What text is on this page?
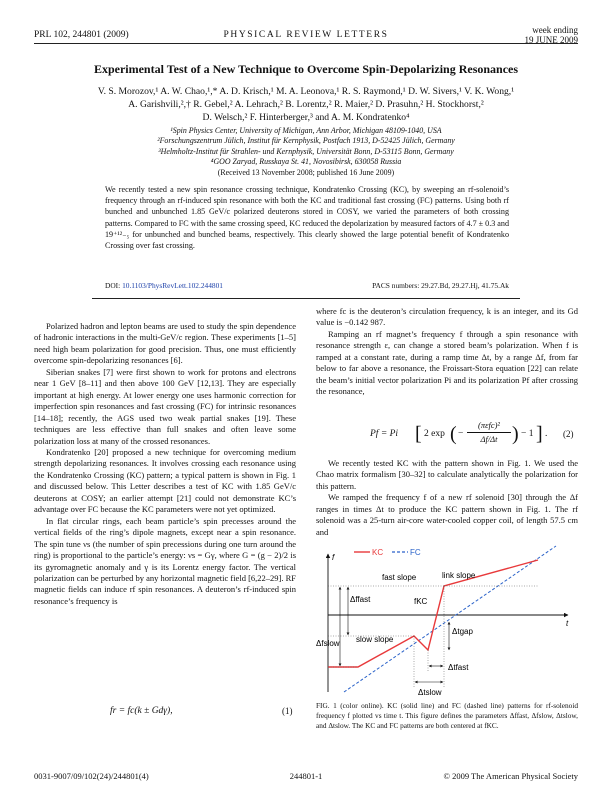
PRL 102, 244801 (2009)	PHYSICAL REVIEW LETTERS	week ending
19 JUNE 2009
Experimental Test of a New Technique to Overcome Spin-Depolarizing Resonances
V. S. Morozov,¹ A. W. Chao,¹,* A. D. Krisch,¹ M. A. Leonova,¹ R. S. Raymond,¹ D. W. Sivers,¹ V. K. Wong,¹
A. Garishvili,²,† R. Gebel,² A. Lehrach,² B. Lorentz,² R. Maier,² D. Prasuhn,² H. Stockhorst,²
D. Welsch,² F. Hinterberger,³ and A. M. Kondratenko⁴
¹Spin Physics Center, University of Michigan, Ann Arbor, Michigan 48109-1040, USA
²Forschungszentrum Jülich, Institut für Kernphysik, Postfach 1913, D-52425 Jülich, Germany
³Helmholtz-Institut für Strahlen- und Kernphysik, Universität Bonn, D-53115 Bonn, Germany
⁴GOO Zaryad, Russkaya St. 41, Novosibirsk, 630058 Russia
(Received 13 November 2008; published 16 June 2009)
We recently tested a new spin resonance crossing technique, Kondratenko Crossing (KC), by sweeping an rf-solenoid’s frequency through an rf-induced spin resonance with both the KC and traditional fast crossing (FC) patterns. Using both rf bunched and unbunched 1.85 GeV/c polarized deuterons stored in COSY, we varied the parameters of both crossing patterns. Compared to FC with the same crossing speed, KC reduced the depolarization by measured factors of 4.7 ± 0.3 and 19⁺¹²₋₅ for unbunched and bunched beams, respectively. This clearly showed the large potential benefit of Kondratenko Crossing over fast crossing.
DOI: 10.1103/PhysRevLett.102.244801	PACS numbers: 29.27.Bd, 29.27.Hj, 41.75.Ak

Polarized hadron and lepton beams are used to study the spin dependence of hadronic interactions in the multi-GeV/c region. These experiments [1–5] need high beam polarization for good precision. Thus, one must efficiently overcome spin-depolarizing resonances [6].

Siberian snakes [7] were first shown to work for protons and electrons near 1 GeV [8–11] and then above 100 GeV [12,13]. They are especially important at high energy. At lower energy one uses harmonic correction for imperfection spin resonances and fast crossing (FC) for intrinsic resonances [14–18]; recently, the AGS used two weak partial snakes [19]. These techniques are less effective than full snakes and often leave some polarization loss at many of the crossed resonances.

Kondratenko [20] proposed a new technique for overcoming medium strength depolarizing resonances. It involves crossing each resonance using the Kondratenko Crossing (KC) pattern; a typical pattern is shown in Fig. 1 and discussed below. This Letter describes a test of KC with 1.85 GeV/c deuterons at COSY; an earlier attempt [21] could not demonstrate KC’s advantage over FC because the KC parameters were not yet optimized.

In flat circular rings, each beam particle’s spin precesses around the vertical fields of the ring’s dipole magnets, except near a spin resonance. The spin tune νs (the number of spin precessions during one turn around the ring) is proportional to the particle’s energy: νs = Gγ, where G = (g − 2)/2 is its gyromagnetic anomaly and γ is its Lorentz energy factor. The vertical polarization can be perturbed by any horizontal magnetic field [6,22–29]. RF magnetic fields can induce rf spin resonances. A deuteron’s rf-induced spin resonance’s frequency is

fr = fc(k ± Gdγ),	(1)

where fc is the deuteron’s circulation frequency, k is an integer, and its Gd value is −0.142 987.

Ramping an rf magnet’s frequency f through a spin resonance with resonance strength ε, can change a stored beam’s polarization. When f is ramped at a constant rate, during a ramp time Δt, by a range Δf, from far below to far above a resonance, the Froissart-Stora equation [22] can relate the beam’s initial vector polarization Pi and its polarization Pf after crossing the resonance,

Pf = Pi [ 2 exp ( −
(πεfc)²
Δf/Δt ) − 1 ] . (2)

We recently tested KC with the pattern shown in Fig. 1. We used the Chao matrix formalism [30–32] to calculate analytically the polarization for this pattern.

We ramped the frequency f of a new rf solenoid [30] through the Δf ranges in times Δt to produce the KC pattern shown in Fig. 1. The rf solenoid was a 25-turn air-core water-cooled copper coil, of length 57.5 cm and

f
t
KC	FC
fast slope	link slope
slow slope
Δffast
Δfslow
fKC
Δtgap
Δtfast
Δtslow
FIG. 1 (color online). KC (solid line) and FC (dashed line) patterns for rf-solenoid frequency f plotted vs time t. This figure defines the parameters Δffast, Δfslow, Δtslow, and Δtslow. The KC and FC patterns are both centered at fKC.
0031-9007/09/102(24)/244801(4)	244801-1	© 2009 The American Physical Society
